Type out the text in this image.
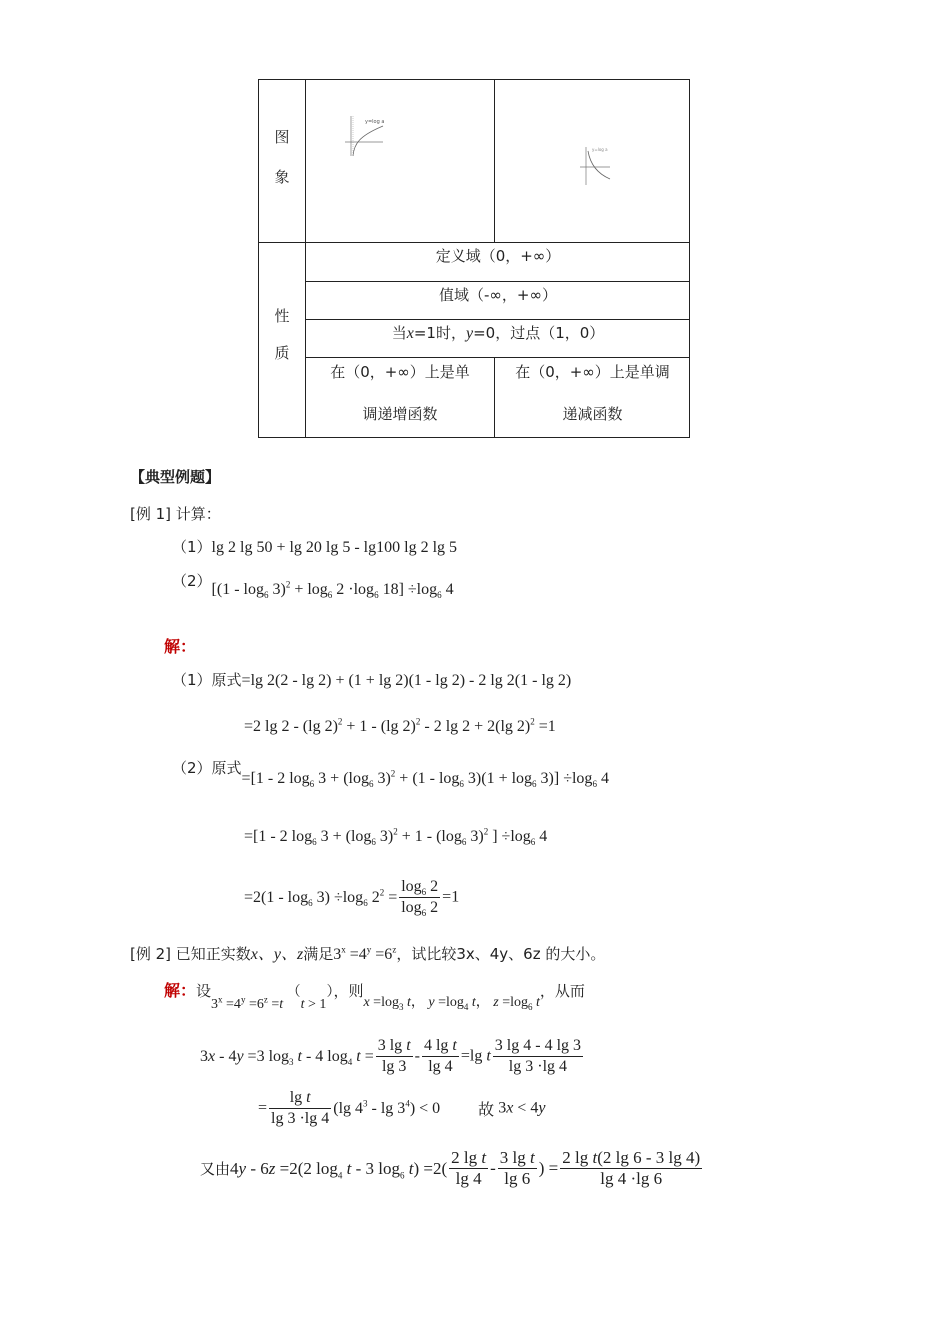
图
象
性
质
y=log a
y=log a
定义域（0，+∞）
值域（-∞，+∞）
当x=1时，y=0，过点（1，0）
在（0，+∞）上是单
调递增函数
在（0，+∞）上是单调
递减函数
【典型例题】
[例 1] 计算：
（1）lg 2 lg 50 + lg 20 lg 5 - lg100 lg 2 lg 5
$(2)[(1 - \log_6 3)^2 + \log_6 2 \cdot\log_6$ $18] \div\log_6$ 4
解：
（1）原式=lg 2(2 - lg 2) + (1 + lg 2)(1 - lg 2) - 2 lg 2(1 - lg 2)
=2 lg 2 - (lg 2)$^2$ + 1 - (lg 2)$^2$ - 2 lg 2 + 2(lg 2)$^2$ =1
（2）原式=[1 - 2 $\log_6 3 + (\log_6$ $3)^2 + (1 - \log_6 3)(1 + \log_6 3)] \div\log_6$ 4
=[1 - 2 $\log_6 3 + (\log_6$ $3)^2 + 1 - (\log_6$ 3)$^2$ ] $\div\log_6$ 4
$=2(1 - \log_6 3) \div\log_6$ $2^2 = \frac{\log_6 2}{\log_6 2} =1$
[例 2] 已知正实数x、y、z满足$3^x =4^y =6^z$，试比较3x、4y、6z 的大小。
解：设$3^x =4^y =6^z =t$ （t > 1），则$x =\log_3$ t， $y =\log_4$ t， $z =\log_6$ t，从而
3x - 4y =3 $\log_3 t - 4$ $\log_4 t = \frac{\text{3 lg t}}{\lg 3} - \frac{\text{4 lg t}}{\lg 4} =\lg$ t $\frac{3 \lg 4 - 4 \lg 3}{\lg 3 \cdot\lg 4}$
= $\frac{\text{lg t}}{\lg 3 \cdot\lg 4} (\lg$ $4^3 - \lg 3^4) < 0$ 故 3x < 4y
又由4y - 6z =2(2 $\log_4 t - 3$ $\log_6 t) =2( \frac{\text{2 lg t}}{\lg 4} - \frac{\text{3 lg t}}{\lg 6}$ ) = $\frac{\text{2 lg t(2 lg 6 - 3 lg 4)}}{\lg 4 \cdot\lg 6}$
